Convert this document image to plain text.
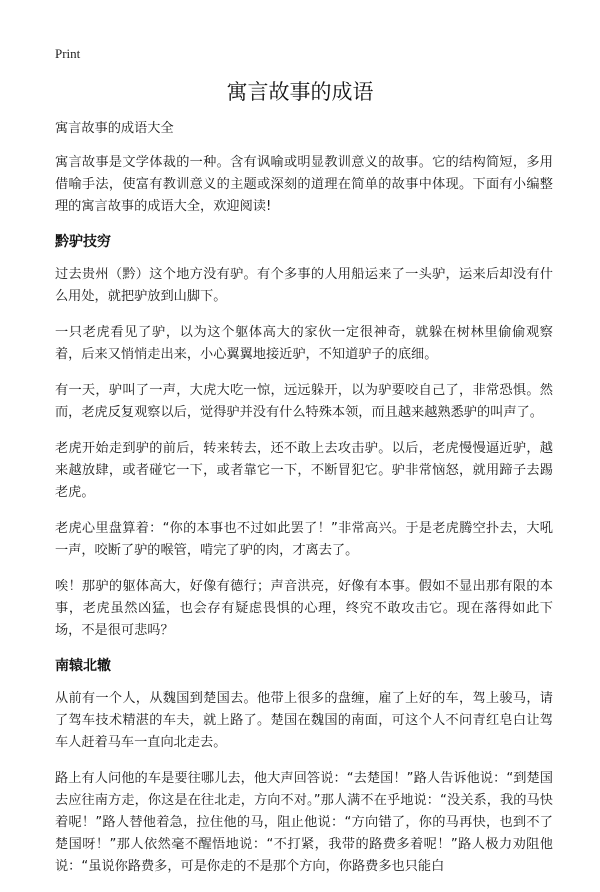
Print
寓言故事的成语

寓言故事的成语大全

寓言故事是文学体裁的一种。含有讽喻或明显教训意义的故事。它的结构简短，多用借喻手法，使富有教训意义的主题或深刻的道理在简单的故事中体现。下面有小编整理的寓言故事的成语大全，欢迎阅读!

黔驴技穷

过去贵州（黔）这个地方没有驴。有个多事的人用船运来了一头驴，运来后却没有什么用处，就把驴放到山脚下。

一只老虎看见了驴，以为这个躯体高大的家伙一定很神奇，就躲在树林里偷偷观察着，后来又悄悄走出来，小心翼翼地接近驴，不知道驴子的底细。

有一天，驴叫了一声，大虎大吃一惊，远远躲开，以为驴要咬自己了，非常恐惧。然而，老虎反复观察以后，觉得驴并没有什么特殊本领，而且越来越熟悉驴的叫声了。

老虎开始走到驴的前后，转来转去，还不敢上去攻击驴。以后，老虎慢慢逼近驴，越来越放肆，或者碰它一下，或者靠它一下，不断冒犯它。驴非常恼怒，就用蹄子去踢老虎。

老虎心里盘算着：“你的本事也不过如此罢了！”非常高兴。于是老虎腾空扑去，大吼一声，咬断了驴的喉管，啃完了驴的肉，才离去了。

唉！那驴的躯体高大，好像有德行；声音洪亮，好像有本事。假如不显出那有限的本事，老虎虽然凶猛，也会存有疑虑畏惧的心理，终究不敢攻击它。现在落得如此下场，不是很可悲吗？

南辕北辙

从前有一个人，从魏国到楚国去。他带上很多的盘缠，雇了上好的车，驾上骏马，请了驾车技术精湛的车夫，就上路了。楚国在魏国的南面，可这个人不问青红皂白让驾车人赶着马车一直向北走去。

路上有人问他的车是要往哪儿去，他大声回答说：“去楚国！”路人告诉他说：“到楚国去应往南方走，你这是在往北走，方向不对。”那人满不在乎地说：“没关系，我的马快着呢！”路人替他着急，拉住他的马，阻止他说：“方向错了，你的马再快，也到不了楚国呀！”那人依然毫不醒悟地说：“不打紧，我带的路费多着呢！”路人极力劝阻他说：“虽说你路费多，可是你走的不是那个方向，你路费多也只能白
